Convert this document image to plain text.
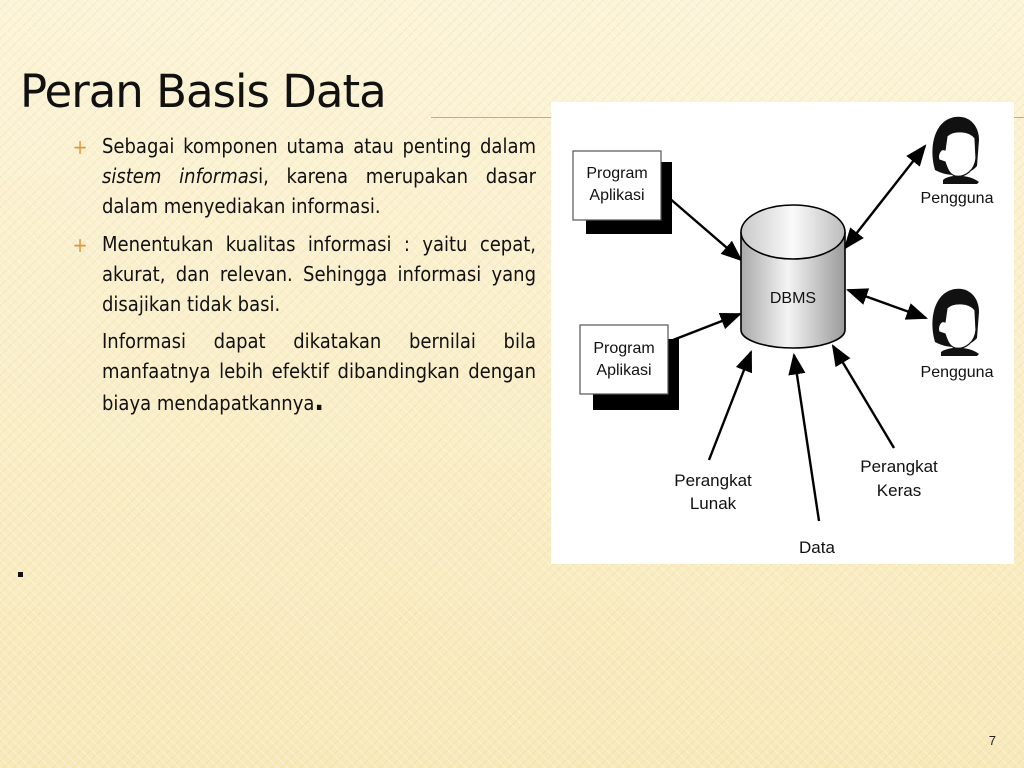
Peran Basis Data
+ Sebagai komponen utama atau penting dalam sistem informasi, karena merupakan dasar dalam menyediakan informasi.
+ Menentukan kualitas informasi : yaitu cepat, akurat, dan relevan. Sehingga informasi yang disajikan tidak basi.
Informasi dapat dikatakan bernilai bila manfaatnya lebih efektif dibandingkan dengan biaya mendapatkannya.
DBMS
Program
Aplikasi
Program
Aplikasi
Pengguna
Pengguna
Perangkat
Lunak
Perangkat
Keras
Data
7
